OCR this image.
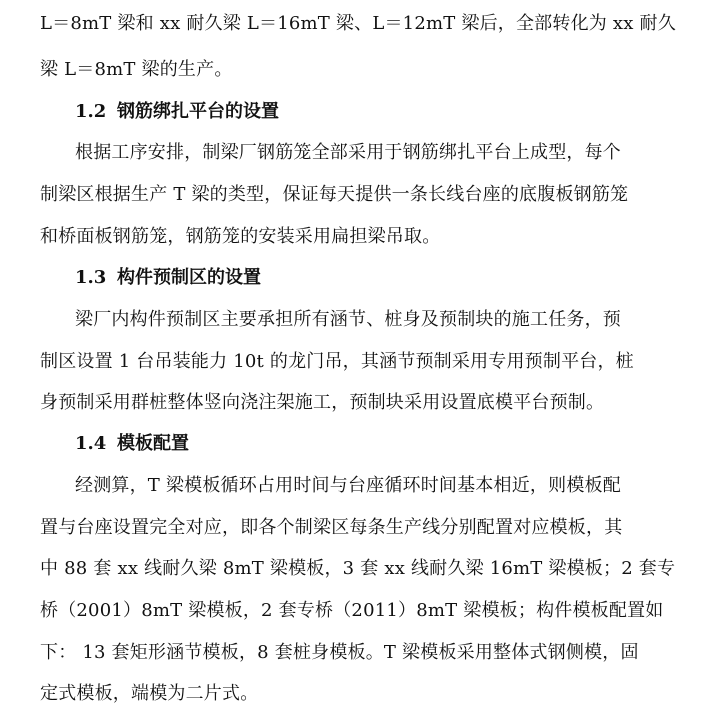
L＝8mT 梁和 xx 耐久梁 L＝16mT 梁、L＝12mT 梁后，全部转化为 xx 耐久
梁 L＝8mT 梁的生产。
1.2 钢筋绑扎平台的设置
根据工序安排，制梁厂钢筋笼全部采用于钢筋绑扎平台上成型，每个
制梁区根据生产 T 梁的类型，保证每天提供一条长线台座的底腹板钢筋笼
和桥面板钢筋笼，钢筋笼的安装采用扁担梁吊取。
1.3 构件预制区的设置
梁厂内构件预制区主要承担所有涵节、桩身及预制块的施工任务，预
制区设置 1 台吊装能力 10t 的龙门吊，其涵节预制采用专用预制平台，桩
身预制采用群桩整体竖向浇注架施工，预制块采用设置底模平台预制。
1.4 模板配置
经测算，T 梁模板循环占用时间与台座循环时间基本相近，则模板配
置与台座设置完全对应，即各个制梁区每条生产线分别配置对应模板，其
中 88 套 xx 线耐久梁 8mT 梁模板，3 套 xx 线耐久梁 16mT 梁模板；2 套专
桥（2001）8mT 梁模板，2 套专桥（2011）8mT 梁模板；构件模板配置如
下： 13 套矩形涵节模板，8 套桩身模板。T 梁模板采用整体式钢侧模，固
定式模板，端模为二片式。
